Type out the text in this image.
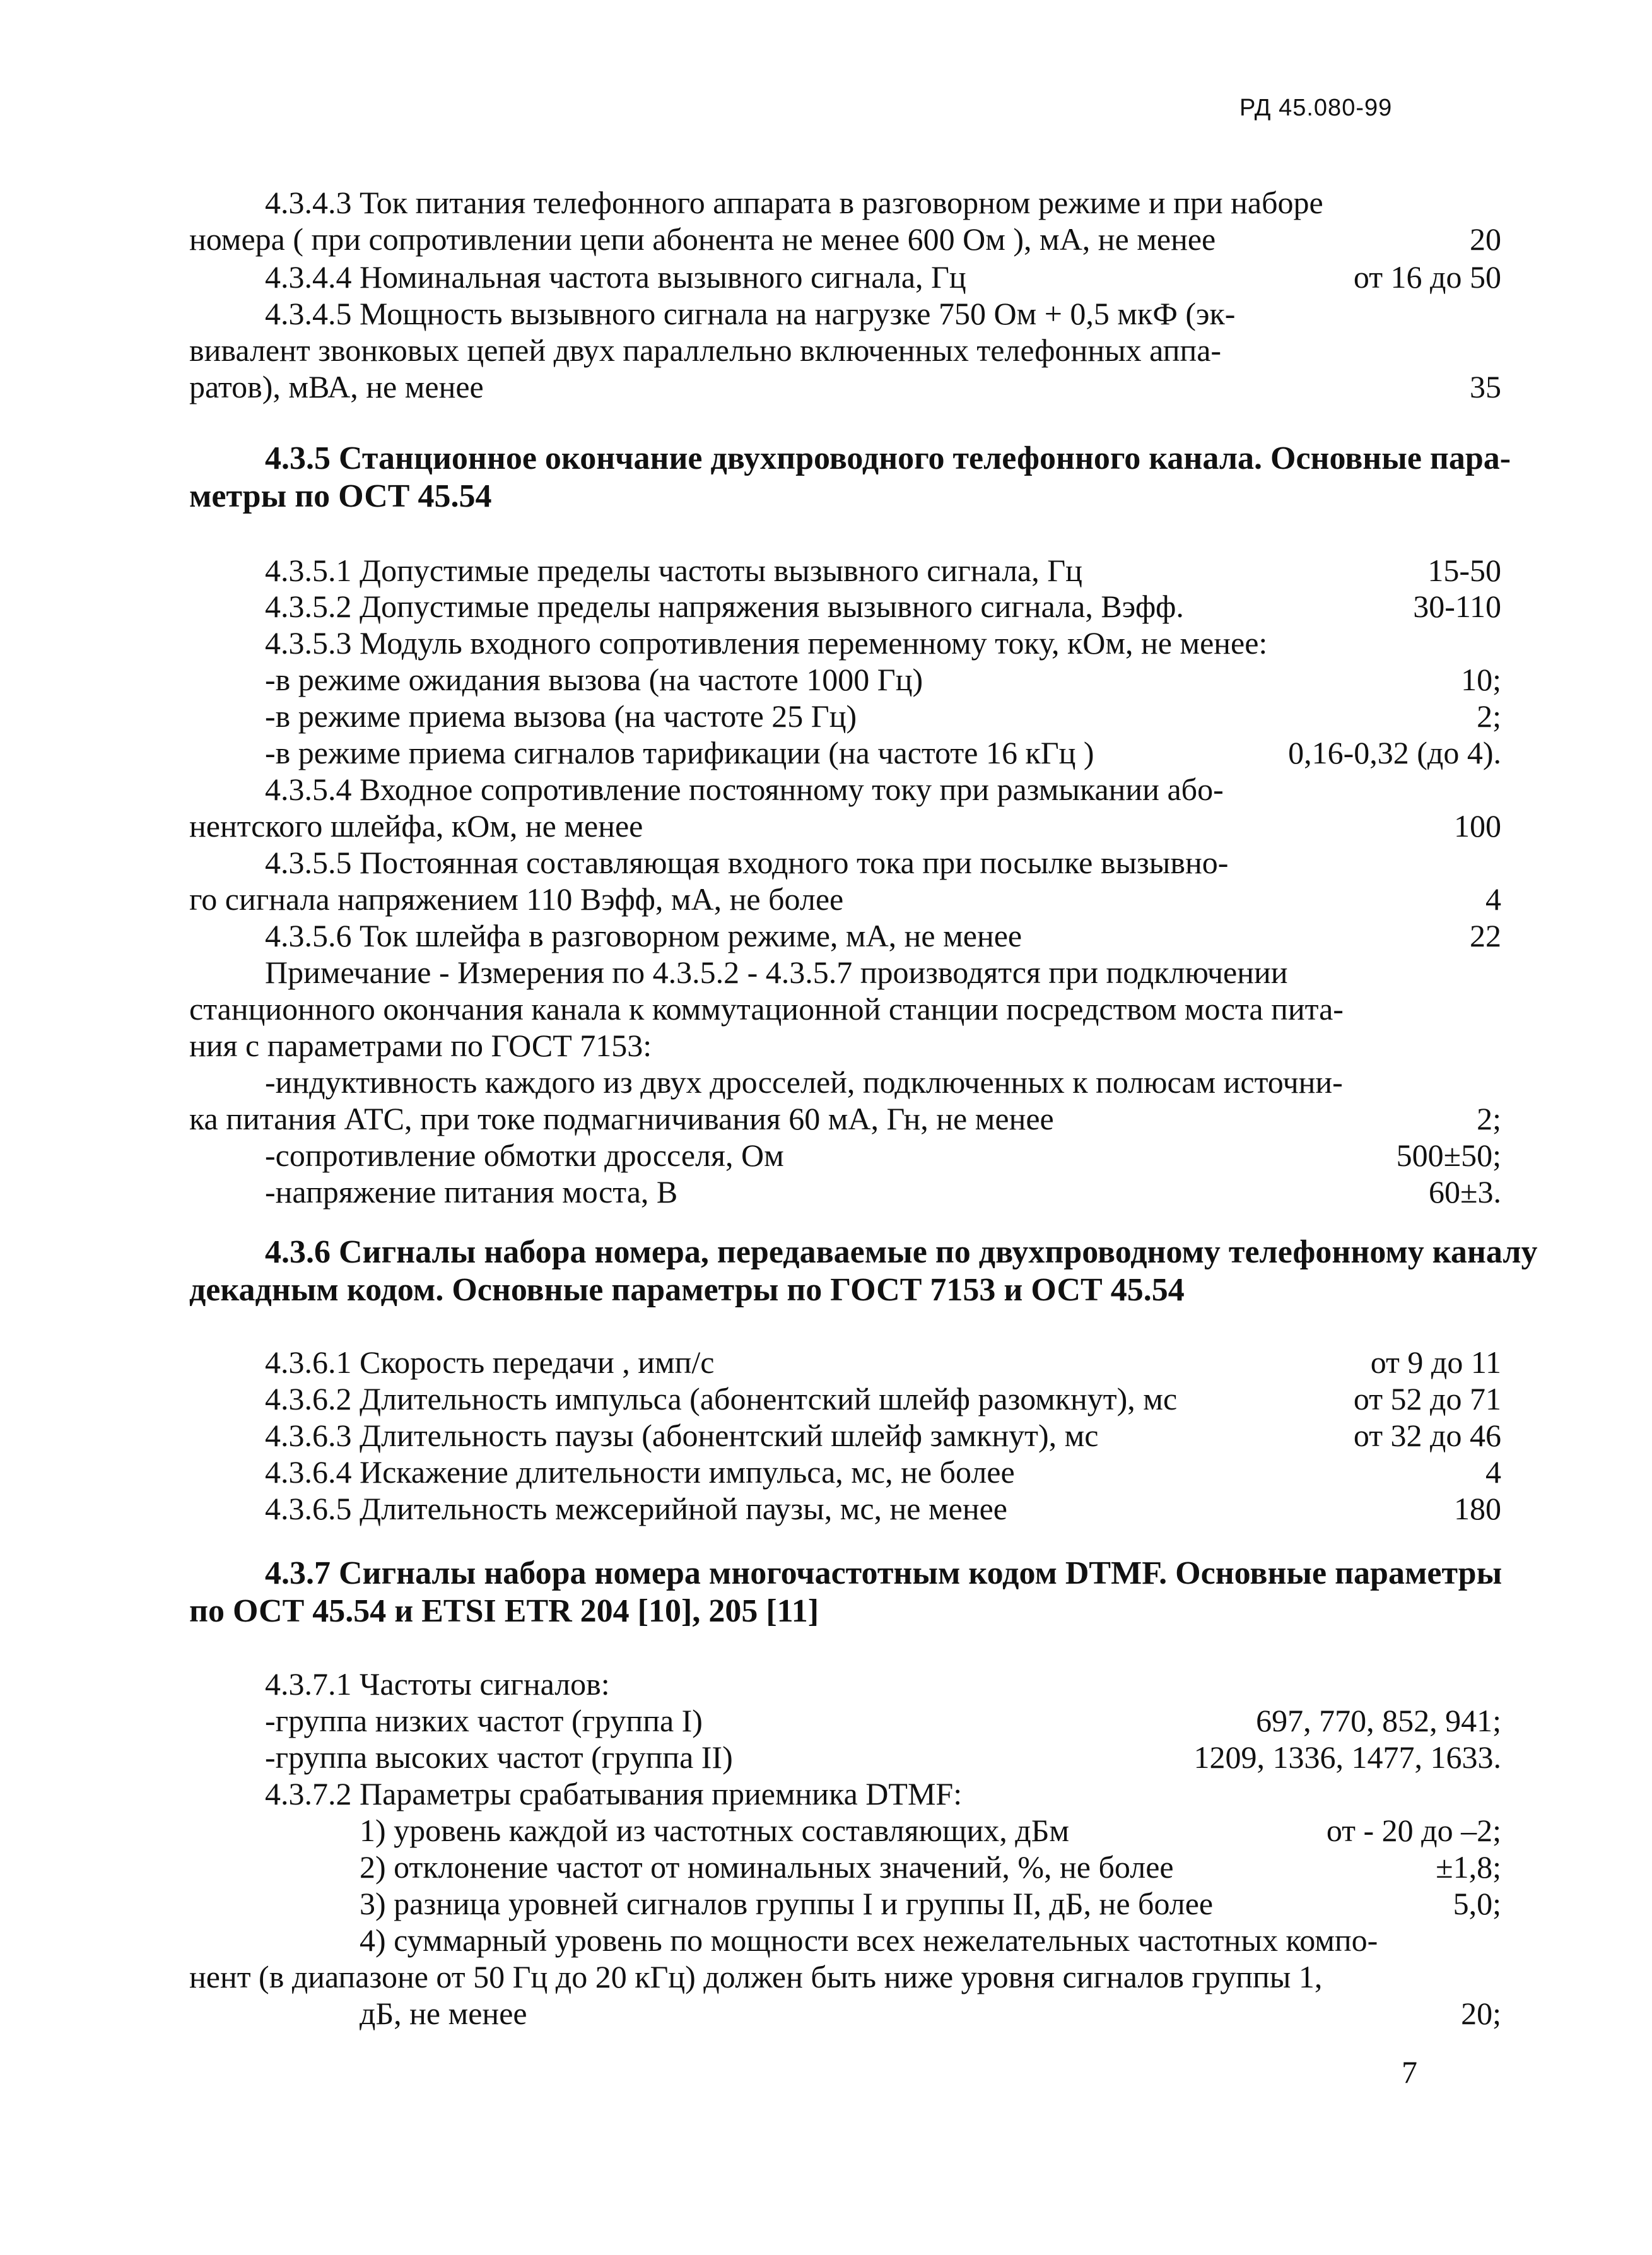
РД 45.080-99
4.3.4.3 Ток питания телефонного аппарата в разговорном режиме и при наборе
номера ( при сопротивлении цепи абонента не менее 600 Ом ), мА, не менее	20
4.3.4.4 Номинальная частота вызывного сигнала, Гц	от 16 до 50
4.3.4.5 Мощность вызывного сигнала на нагрузке 750 Ом + 0,5 мкФ (эк-
вивалент звонковых цепей двух параллельно включенных телефонных аппа-
ратов), мВА, не менее	35
4.3.5 Станционное окончание двухпроводного телефонного канала. Основные пара-
метры по ОСТ 45.54
4.3.5.1 Допустимые пределы частоты вызывного сигнала, Гц	15-50
4.3.5.2 Допустимые пределы напряжения вызывного сигнала, Вэфф.	30-110
4.3.5.3 Модуль входного сопротивления переменному току, кОм, не менее:
-в режиме ожидания вызова (на частоте 1000 Гц)	10;
-в режиме приема вызова (на частоте 25 Гц)	2;
-в режиме приема сигналов тарификации (на частоте 16 кГц )	0,16-0,32 (до 4).
4.3.5.4 Входное сопротивление постоянному току при размыкании або-
нентского шлейфа, кОм, не менее	100
4.3.5.5 Постоянная составляющая входного тока при посылке вызывно-
го сигнала напряжением 110 Вэфф, мА, не более	4
4.3.5.6 Ток шлейфа в разговорном режиме, мА, не менее	22
Примечание - Измерения по 4.3.5.2 - 4.3.5.7 производятся при подключении
станционного окончания канала к коммутационной станции посредством моста пита-
ния с параметрами по ГОСТ 7153:
-индуктивность каждого из двух дросселей, подключенных к полюсам источни-
ка питания АТС, при токе подмагничивания 60 мА, Гн, не менее	2;
-сопротивление обмотки дросселя, Ом	500±50;
-напряжение питания моста, В	60±3.
4.3.6 Сигналы набора номера, передаваемые по двухпроводному телефонному каналу
декадным кодом. Основные параметры по ГОСТ 7153 и ОСТ 45.54
4.3.6.1 Скорость передачи , имп/с	от 9 до 11
4.3.6.2 Длительность импульса (абонентский шлейф разомкнут), мс	от 52 до 71
4.3.6.3 Длительность паузы (абонентский шлейф замкнут), мс	от 32 до 46
4.3.6.4 Искажение длительности импульса, мс, не более	4
4.3.6.5 Длительность межсерийной паузы, мс, не менее	180
4.3.7 Сигналы набора номера многочастотным кодом DTMF. Основные параметры
по ОСТ 45.54 и ETSI ETR 204 [10], 205 [11]
4.3.7.1 Частоты сигналов:
-группа низких частот (группа I)	697, 770, 852, 941;
-группа высоких частот (группа II)	1209, 1336, 1477, 1633.
4.3.7.2 Параметры срабатывания приемника DTMF:
1) уровень каждой из частотных составляющих, дБм	от - 20 до –2;
2) отклонение частот от номинальных значений, %, не более	±1,8;
3) разница уровней сигналов группы I и группы II, дБ, не более	5,0;
4) суммарный уровень по мощности всех нежелательных частотных компо-
нент (в диапазоне от 50 Гц до 20 кГц) должен быть ниже уровня сигналов группы 1,
дБ, не менее	20;
7
